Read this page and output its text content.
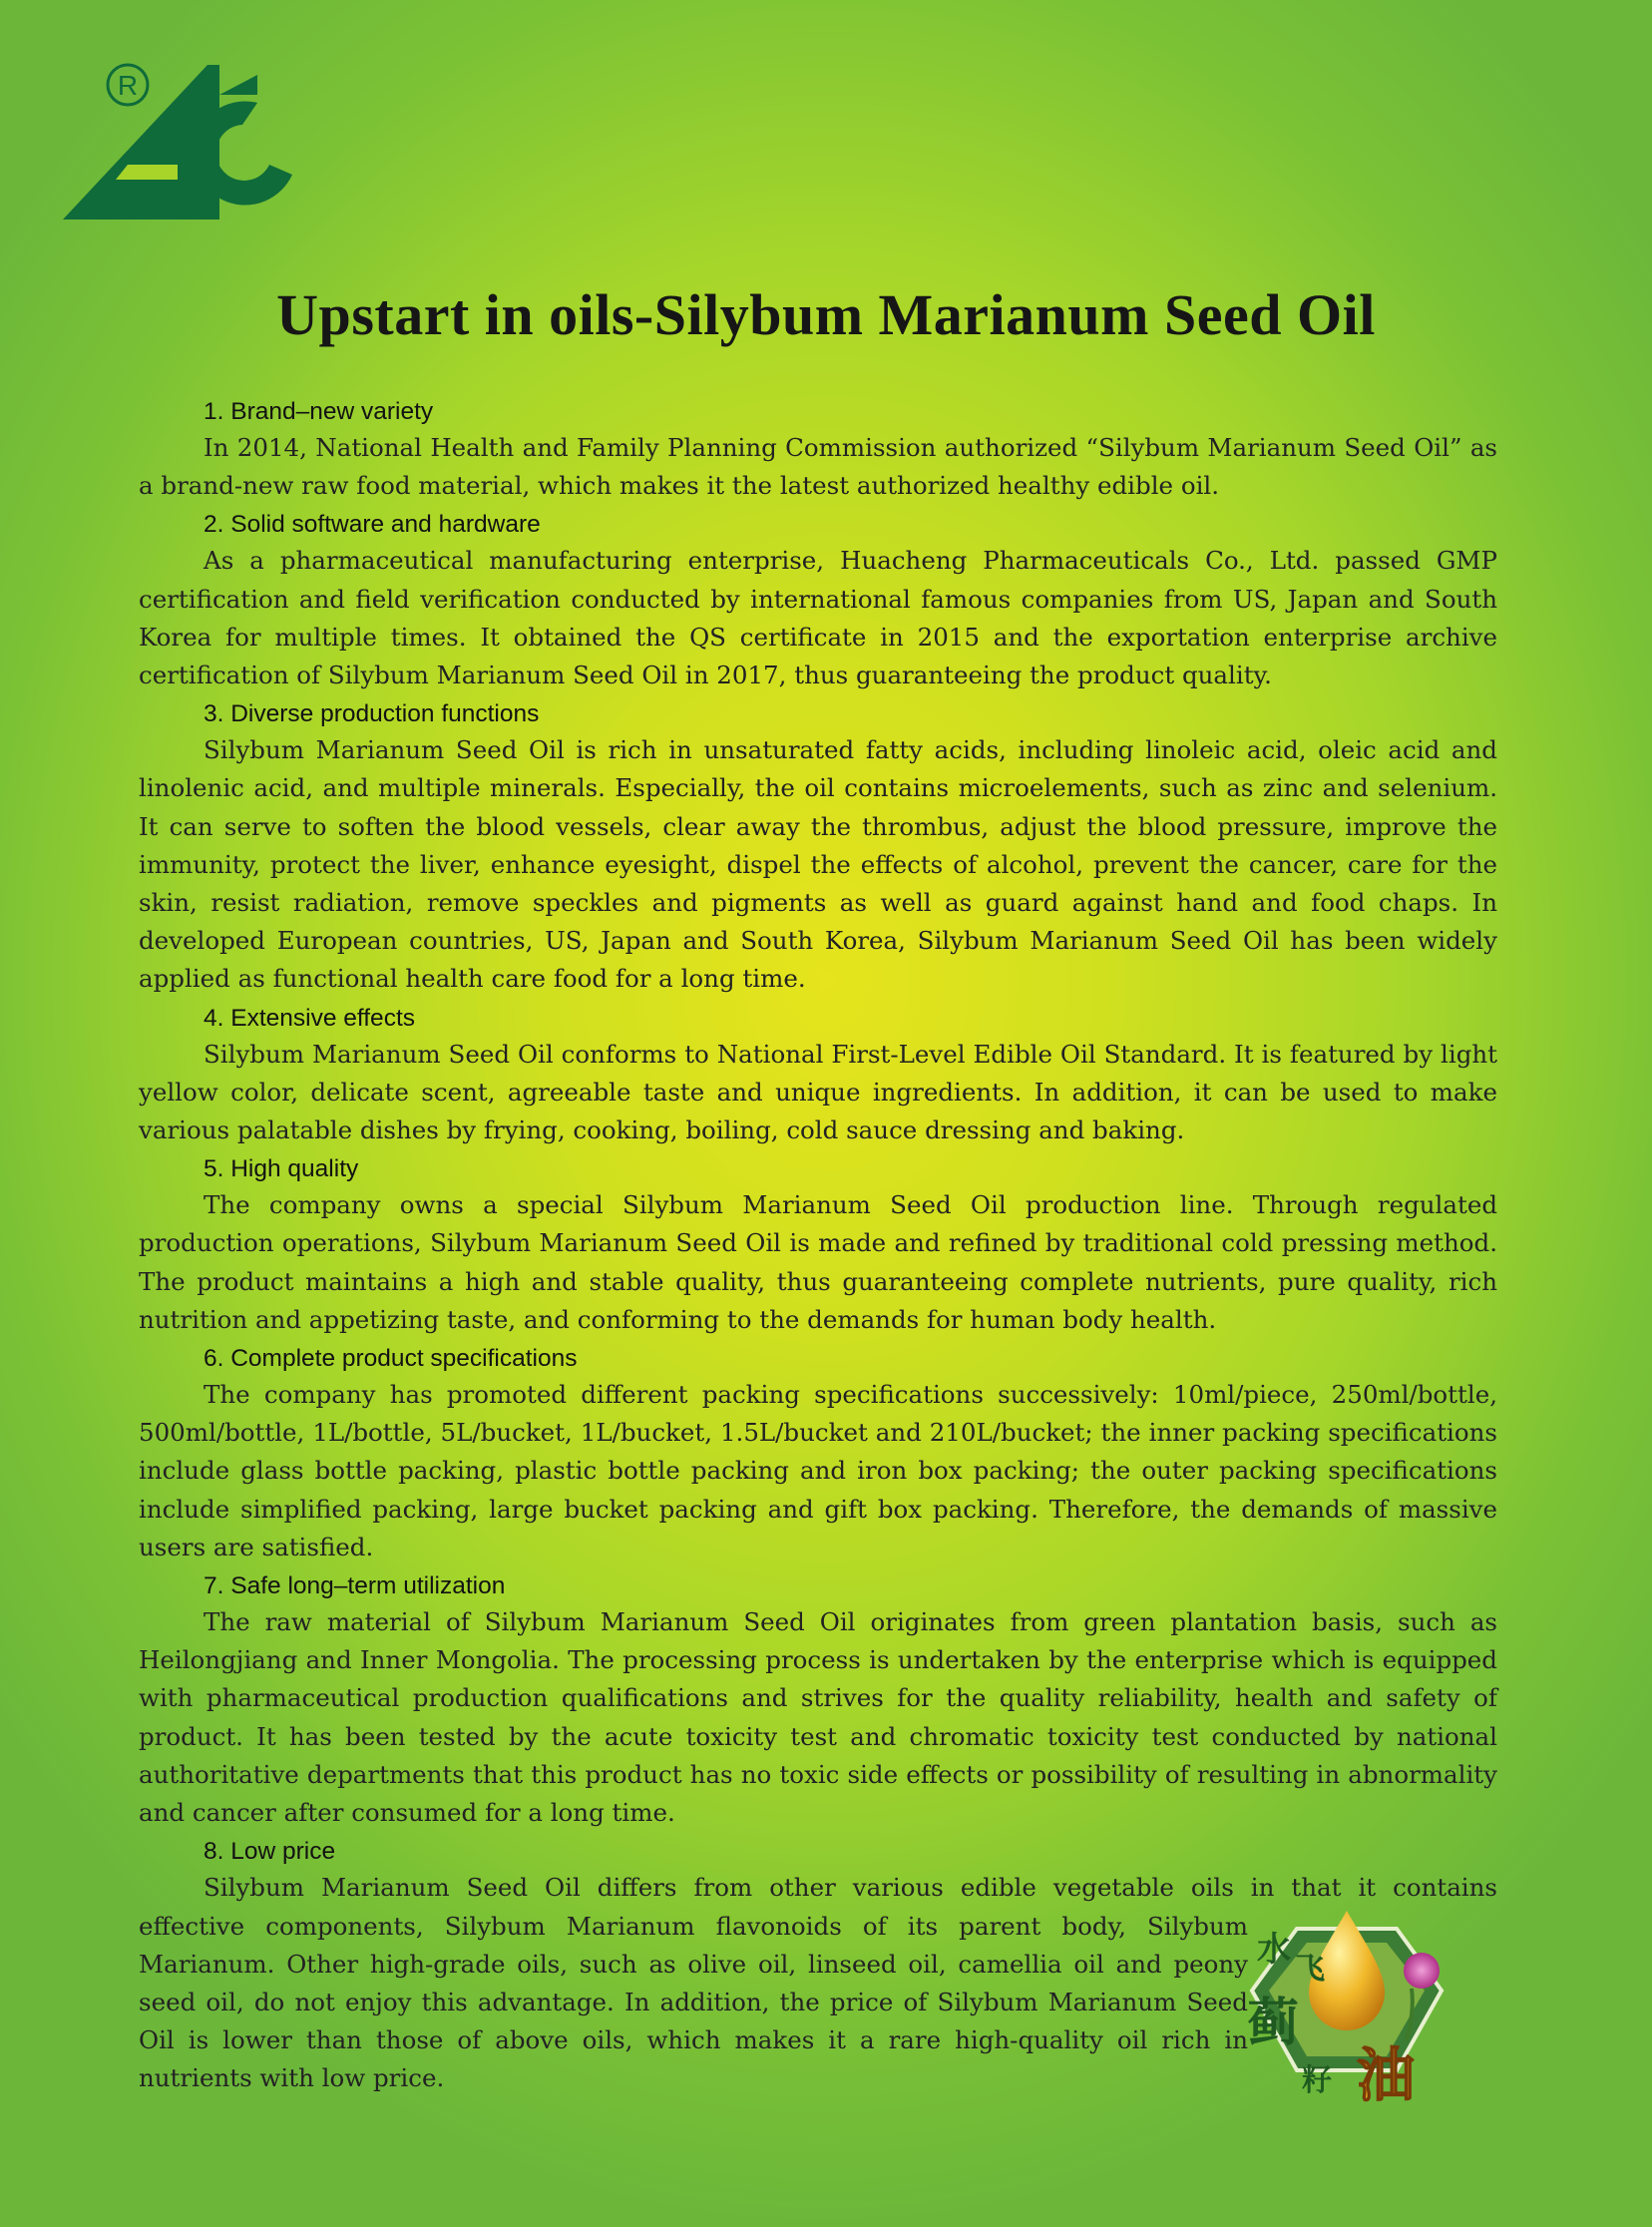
R
Upstart in oils-Silybum Marianum Seed Oil

1. Brand–new variety

In 2014, National Health and Family Planning Commission authorized “Silybum Marianum Seed Oil” as a brand-new raw food material, which makes it the latest authorized healthy edible oil.

2. Solid software and hardware

As a pharmaceutical manufacturing enterprise, Huacheng Pharmaceuticals Co., Ltd. passed GMP certification and field verification conducted by international famous companies from US, Japan and South Korea for multiple times. It obtained the QS certificate in 2015 and the exportation enterprise archive certification of Silybum Marianum Seed Oil in 2017, thus guaranteeing the product quality.

3. Diverse production functions

Silybum Marianum Seed Oil is rich in unsaturated fatty acids, including linoleic acid, oleic acid and linolenic acid, and multiple minerals. Especially, the oil contains microelements, such as zinc and selenium. It can serve to soften the blood vessels, clear away the thrombus, adjust the blood pressure, improve the immunity, protect the liver, enhance eyesight, dispel the effects of alcohol, prevent the cancer, care for the skin, resist radiation, remove speckles and pigments as well as guard against hand and food chaps. In developed European countries, US, Japan and South Korea, Silybum Marianum Seed Oil has been widely applied as functional health care food for a long time.

4. Extensive effects

Silybum Marianum Seed Oil conforms to National First-Level Edible Oil Standard. It is featured by light yellow color, delicate scent, agreeable taste and unique ingredients. In addition, it can be used to make various palatable dishes by frying, cooking, boiling, cold sauce dressing and baking.

5. High quality

The company owns a special Silybum Marianum Seed Oil production line. Through regulated production operations, Silybum Marianum Seed Oil is made and refined by traditional cold pressing method. The product maintains a high and stable quality, thus guaranteeing complete nutrients, pure quality, rich nutrition and appetizing taste, and conforming to the demands for human body health.

6. Complete product specifications

The company has promoted different packing specifications successively: 10ml/piece, 250ml/bottle, 500ml/bottle, 1L/bottle, 5L/bucket, 1L/bucket, 1.5L/bucket and 210L/bucket; the inner packing specifications include glass bottle packing, plastic bottle packing and iron box packing; the outer packing specifications include simplified packing, large bucket packing and gift box packing. Therefore, the demands of massive users are satisfied.

7. Safe long–term utilization

The raw material of Silybum Marianum Seed Oil originates from green plantation basis, such as Heilongjiang and Inner Mongolia. The processing process is undertaken by the enterprise which is equipped with pharmaceutical production qualifications and strives for the quality reliability, health and safety of product. It has been tested by the acute toxicity test and chromatic toxicity test conducted by national authoritative departments that this product has no toxic side effects or possibility of resulting in abnormality and cancer after consumed for a long time.

8. Low price

Silybum Marianum Seed Oil differs from other various edible vegetable oils in that it contains

effective components, Silybum Marianum flavonoids of its parent body, Silybum Marianum. Other high-grade oils, such as olive oil, linseed oil, camellia oil and peony seed oil, do not enjoy this advantage. In addition, the price of Silybum Marianum Seed Oil is lower than those of above oils, which makes it a rare high-quality oil rich in nutrients with low price.

水 飞
蓟
籽 油
